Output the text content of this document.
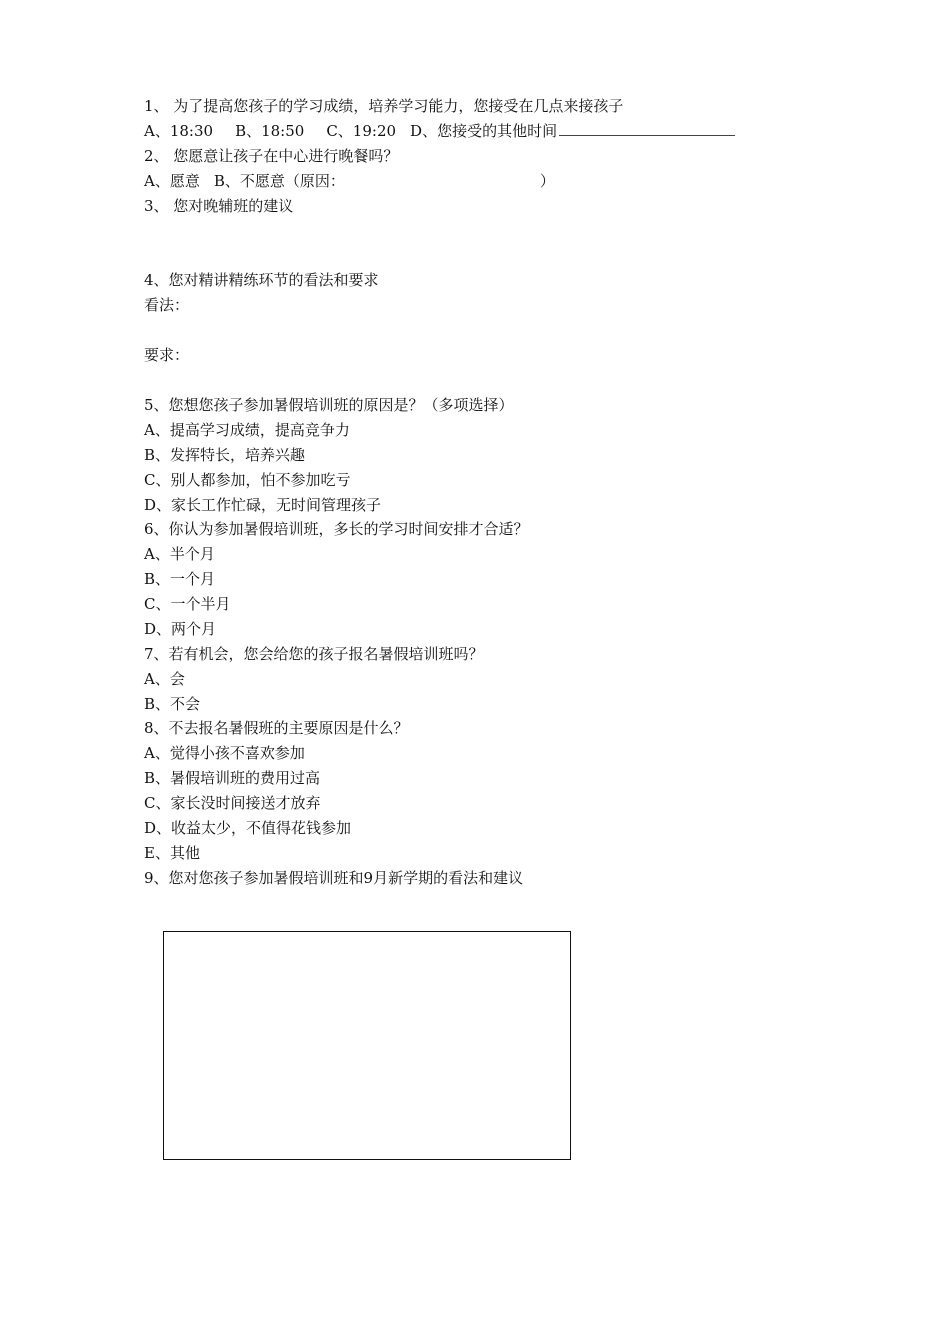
1、 为了提高您孩子的学习成绩，培养学习能力，您接受在几点来接孩子
A、18:30 B、18:50 C、19:20 D、您接受的其他时间
2、 您愿意让孩子在中心进行晚餐吗？
A、愿意 B、不愿意（原因：	）
3、 您对晚辅班的建议
4、您对精讲精练环节的看法和要求
看法：
要求：
5、您想您孩子参加暑假培训班的原因是？（多项选择）
A、提高学习成绩，提高竞争力
B、发挥特长，培养兴趣
C、别人都参加，怕不参加吃亏
D、家长工作忙碌，无时间管理孩子
6、你认为参加暑假培训班，多长的学习时间安排才合适？
A、半个月
B、一个月
C、一个半月
D、两个月
7、若有机会，您会给您的孩子报名暑假培训班吗？
A、会
B、不会
8、不去报名暑假班的主要原因是什么？
A、觉得小孩不喜欢参加
B、暑假培训班的费用过高
C、家长没时间接送才放弃
D、收益太少，不值得花钱参加
E、其他
9、您对您孩子参加暑假培训班和9月新学期的看法和建议
